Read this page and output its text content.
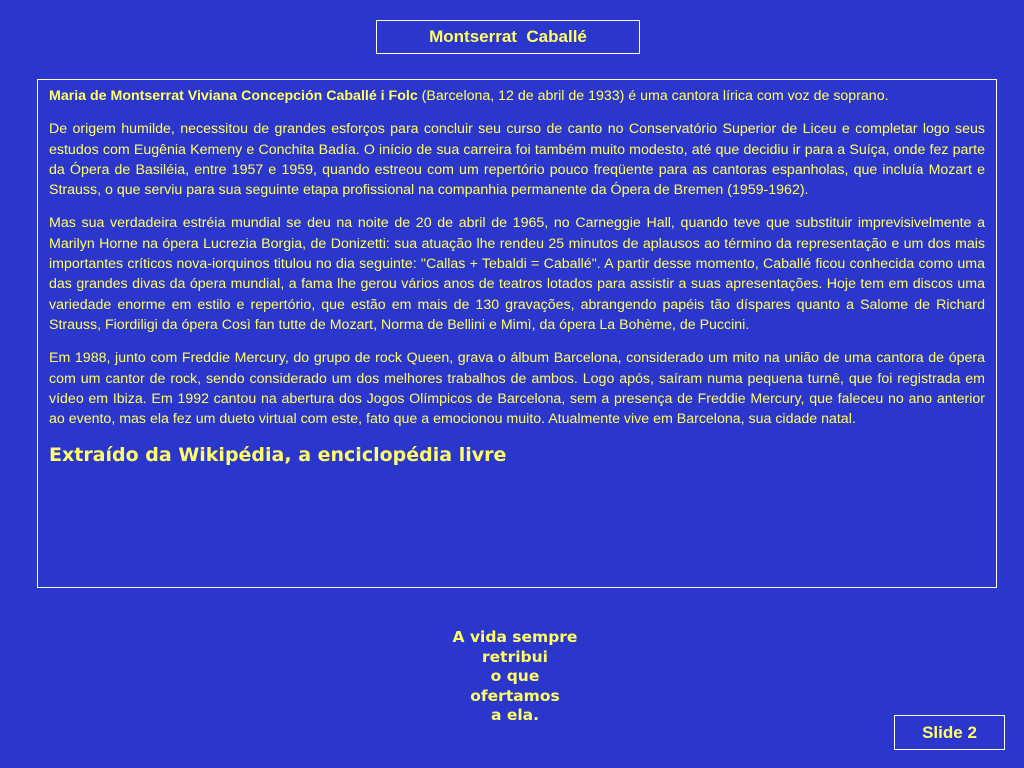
Montserrat  Caballé

Maria de Montserrat Viviana Concepción Caballé i Folc (Barcelona, 12 de abril de 1933) é uma cantora lírica com voz de soprano.

De origem humilde, necessitou de grandes esforços para concluir seu curso de canto no Conservatório Superior de Liceu e completar logo seus estudos com Eugênia Kemeny e Conchita Badía. O início de sua carreira foi também muito modesto, até que decidiu ir para a Suíça, onde fez parte da Ópera de Basiléia, entre 1957 e 1959, quando estreou com um repertório pouco freqüente para as cantoras espanholas, que incluía Mozart e Strauss, o que serviu para sua seguinte etapa profissional na companhia permanente da Ópera de Bremen (1959-1962).

Mas sua verdadeira estréia mundial se deu na noite de 20 de abril de 1965, no Carneggie Hall, quando teve que substituir imprevisivelmente a Marilyn Horne na ópera Lucrezia Borgia, de Donizetti: sua atuação lhe rendeu 25 minutos de aplausos ao término da representação e um dos mais importantes críticos nova-iorquinos titulou no dia seguinte: "Callas + Tebaldi = Caballé". A partir desse momento, Caballé ficou conhecida como uma das grandes divas da ópera mundial, a fama lhe gerou vários anos de teatros lotados para assistir a suas apresentações. Hoje tem em discos uma variedade enorme em estilo e repertório, que estão em mais de 130 gravações, abrangendo papéis tão díspares quanto a Salome de Richard Strauss, Fiordiligi da ópera Così fan tutte de Mozart, Norma de Bellini e Mimì, da ópera La Bohème, de Puccini.

Em 1988, junto com Freddie Mercury, do grupo de rock Queen, grava o álbum Barcelona, considerado um mito na união de uma cantora de ópera com um cantor de rock, sendo considerado um dos melhores trabalhos de ambos. Logo após, saíram numa pequena turnê, que foi registrada em vídeo em Ibiza. Em 1992 cantou na abertura dos Jogos Olímpicos de Barcelona, sem a presença de Freddie Mercury, que faleceu no ano anterior ao evento, mas ela fez um dueto virtual com este, fato que a emocionou muito. Atualmente vive em Barcelona, sua cidade natal.

Extraído da Wikipédia, a enciclopédia livre
A vida sempre
retribui
o que
ofertamos
a ela.
Slide 2
